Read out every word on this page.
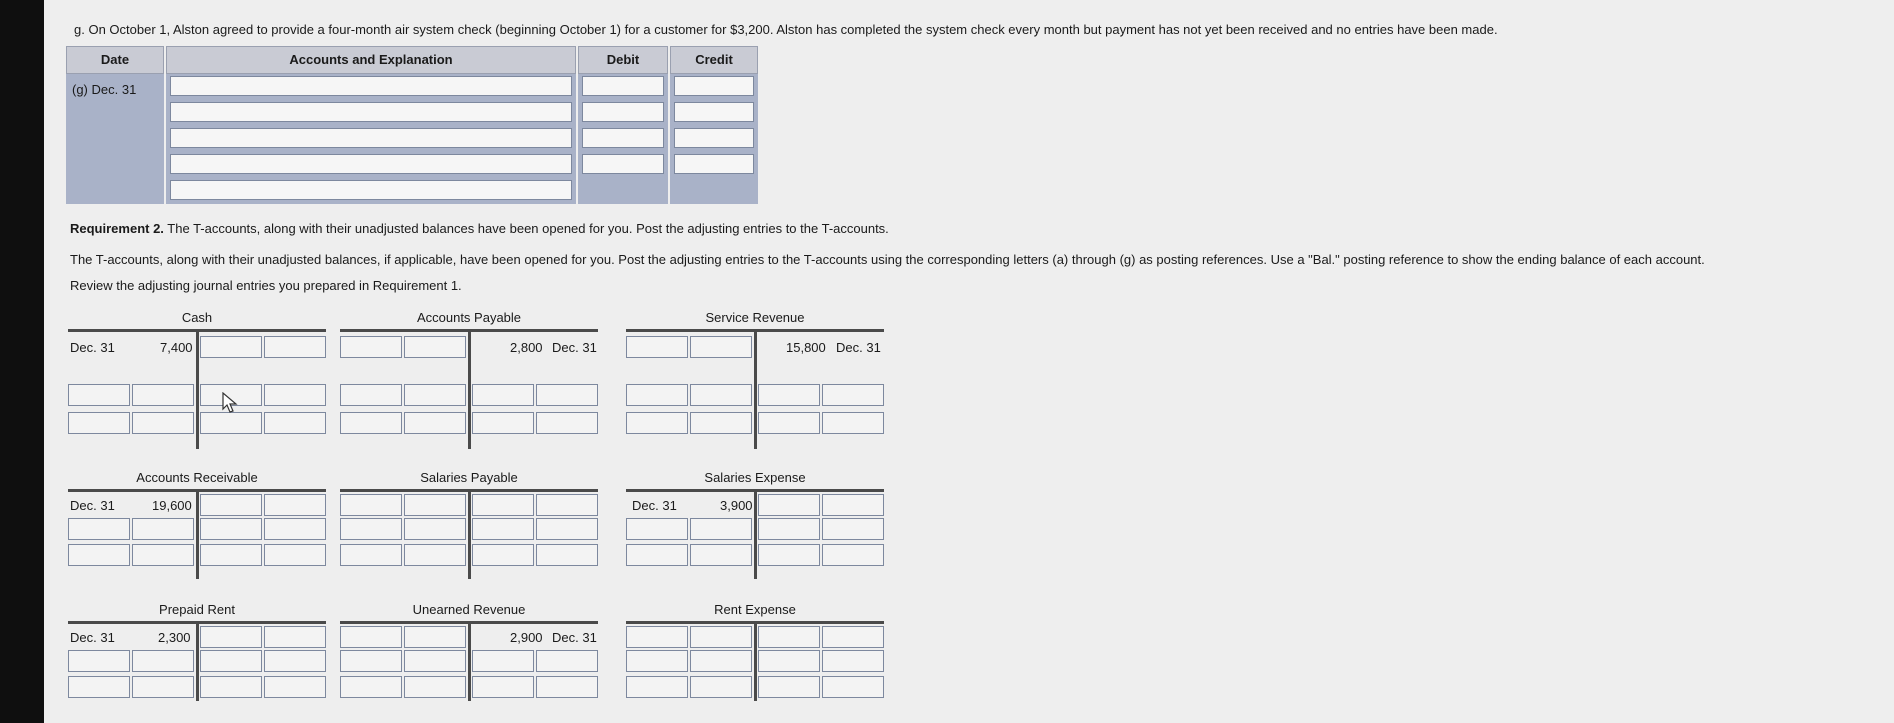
g. On October 1, Alston agreed to provide a four-month air system check (beginning October 1) for a customer for $3,200. Alston has completed the system check every month but payment has not yet been received and no entries have been made.
Date	Accounts and Explanation	Debit	Credit
(g) Dec. 31
Requirement 2. The T-accounts, along with their unadjusted balances have been opened for you. Post the adjusting entries to the T-accounts.
The T-accounts, along with their unadjusted balances, if applicable, have been opened for you. Post the adjusting entries to the T-accounts using the corresponding letters (a) through (g) as posting references. Use a "Bal." posting reference to show the ending balance of each account.
Review the adjusting journal entries you prepared in Requirement 1.
Cash
Dec. 31	7,400
Accounts Payable
2,800 Dec. 31
Service Revenue
15,800 Dec. 31
Accounts Receivable
Dec. 31	19,600
Salaries Payable	Salaries Expense
Dec. 31	3,900
Prepaid Rent
Dec. 31	2,300
Unearned Revenue
2,900 Dec. 31
Rent Expense
